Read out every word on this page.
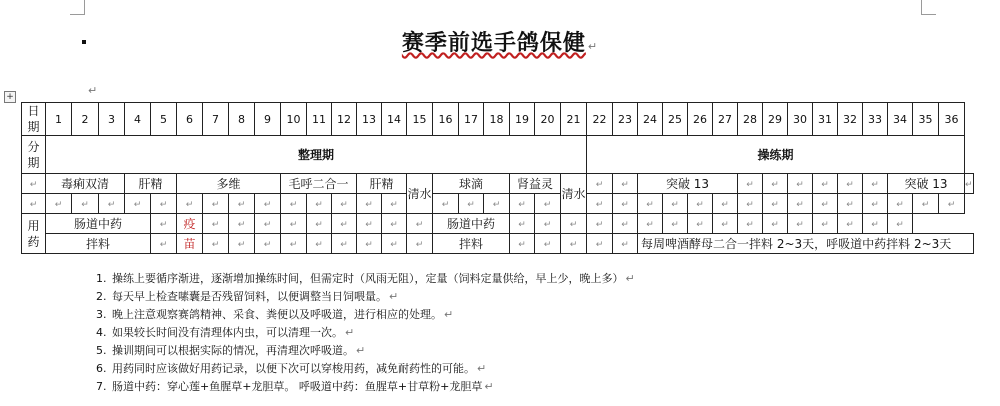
赛季前选手鸽保健 ↵
↵
+
日期	1	2	3	4	5	6	7	8	9	10	11	12	13	14	15	16	17	18	19	20	21	22	23	24	25	26	27	28	29	30	31	32	33	34	35	36	
分期	整理期																					操练期															
↵	毒痢双清			肝精		多维				毛呼二合一			肝精		清水	球滴			肾益灵		清水	↵	↵	突破 13				↵	↵	↵	↵	↵	↵	突破 13			↵
↵	↵	↵	↵	↵	↵	↵	↵	↵	↵	↵	↵	↵	↵	↵		↵	↵	↵	↵	↵		↵	↵	↵	↵	↵	↵	↵	↵	↵	↵	↵	↵	↵	↵	↵	
用药	肠道中药				↵	疫	↵	↵	↵	↵	↵	↵	↵	↵	↵	肠道中药			↵	↵	↵	↵	↵	↵	↵	↵	↵	↵	↵	↵	↵	↵	↵	↵			
	拌料				↵	苗	↵	↵	↵	↵	↵	↵	↵	↵	↵	拌料			↵	↵	↵	↵	↵	每周啤酒酵母二合一拌料 2~3天，呼吸道中药拌料 2~3天													
1. 操练上要循序渐进，逐渐增加操练时间，但需定时（风雨无阻），定量（饲料定量供给，早上少，晚上多） ↵
2. 每天早上检查嗉囊是否残留饲料，以便调整当日饲喂量。 ↵
3. 晚上注意观察赛鸽精神、采食、粪便以及呼吸道，进行相应的处理。 ↵
4. 如果较长时间没有清理体内虫，可以清理一次。 ↵
5. 操训期间可以根据实际的情况，再清理次呼吸道。 ↵
6. 用药同时应该做好用药记录，以便下次可以穿梭用药，减免耐药性的可能。 ↵
7. 肠道中药：穿心莲+鱼腥草+龙胆草。 呼吸道中药：鱼腥草+甘草粉+龙胆草 ↵
